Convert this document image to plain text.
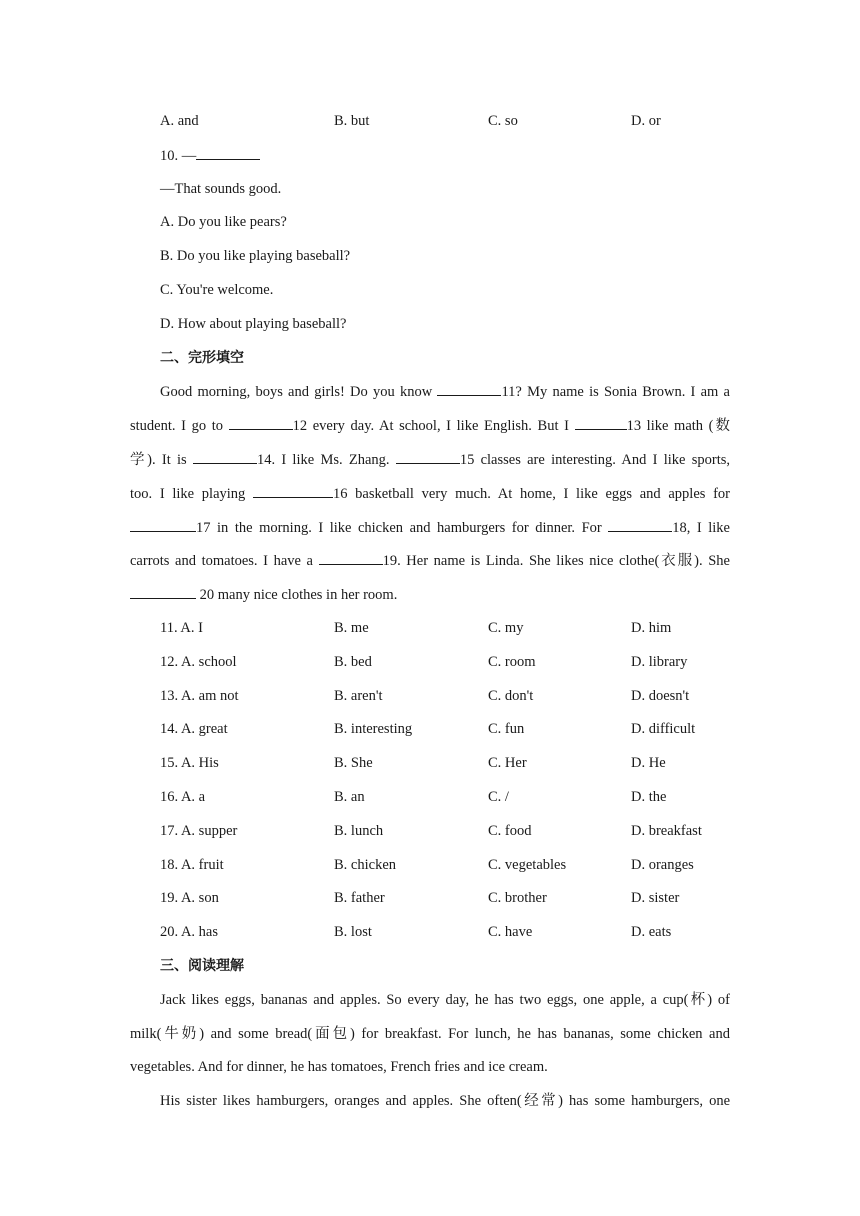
A. and	B. but	C. so	D. or
10. —
—That sounds good.
A. Do you like pears?
B. Do you like playing baseball?
C. You're welcome.
D. How about playing baseball?
二、完形填空
Good morning, boys and girls! Do you know	11? My name is Sonia Brown. I am a
student. I go to	12 every day. At school, I like English. But I	13 like math (数
学). It is	14. I like Ms. Zhang.	15 classes are interesting. And I like sports,
too. I like playing	16 basketball very much. At home, I like eggs and apples for
17 in the morning. I like chicken and hamburgers for dinner. For	18, I like
carrots and tomatoes. I have a	19. Her name is Linda. She likes nice clothe(衣服). She
20 many nice clothes in her room.
11. A. I	B. me	C. my	D. him
12. A. school	B. bed	C. room	D. library
13. A. am not	B. aren't	C. don't	D. doesn't
14. A. great	B. interesting	C. fun	D. difficult
15. A. His	B. She	C. Her	D. He
16. A. a	B. an	C. /	D. the
17. A. supper	B. lunch	C. food	D. breakfast
18. A. fruit	B. chicken	C. vegetables	D. oranges
19. A. son	B. father	C. brother	D. sister
20. A. has	B. lost	C. have	D. eats
三、阅读理解
Jack likes eggs, bananas and apples. So every day, he has two eggs, one apple, a cup(杯) of
milk(牛奶) and some bread(面包) for breakfast. For lunch, he has bananas, some chicken and
vegetables. And for dinner, he has tomatoes, French fries and ice cream.
His sister likes hamburgers, oranges and apples. She often(经常) has some hamburgers, one
